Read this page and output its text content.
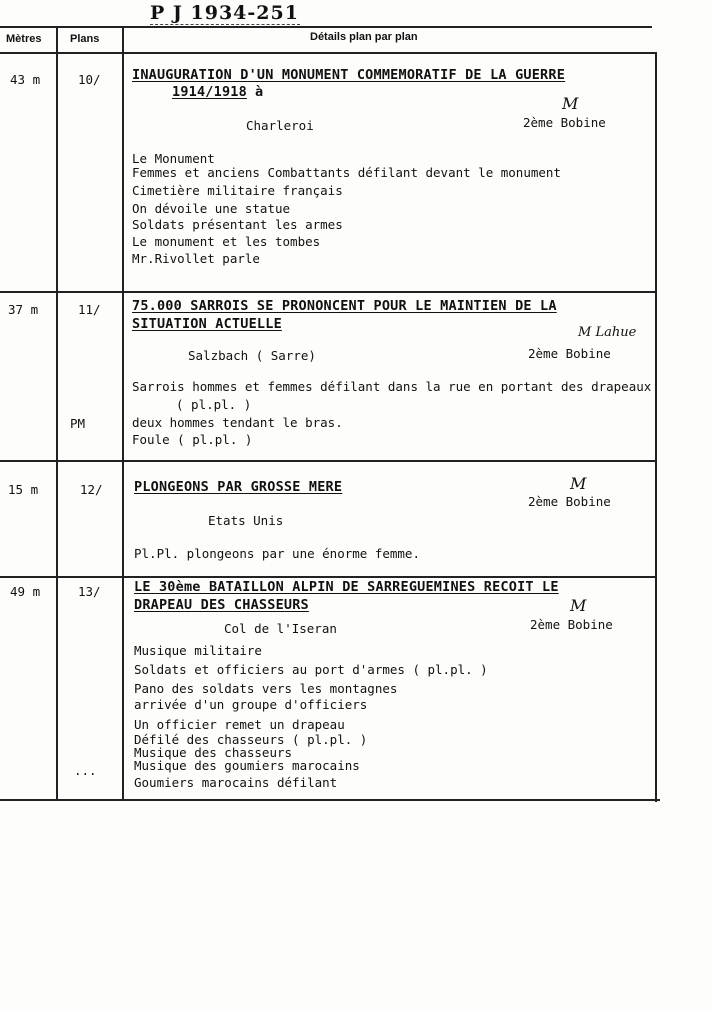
P J 1934-251
Mètres	Plans	Détails plan par plan
43 m	10/ INAUGURATION D'UN MONUMENT COMMEMORATIF DE LA GUERRE
1914/1918 à
Charleroi	2ème Bobine
M
Le Monument
Femmes et anciens Combattants défilant devant le monument
Cimetière militaire français
On dévoile une statue
Soldats présentant les armes
Le monument et les tombes
Mr.Rivollet parle
37 m	11/
PM
75.000 SARROIS SE PRONONCENT POUR LE MAINTIEN DE LA
SITUATION ACTUELLE
Salzbach ( Sarre)	2ème Bobine
M Lahue
Sarrois hommes et femmes défilant dans la rue en portant des drapeaux
( pl.pl. )
deux hommes tendant le bras.
Foule ( pl.pl. )
15 m	12/ PLONGEONS PAR GROSSE MERE
Etats Unis
2ème Bobine
M
Pl.Pl. plongeons par une énorme femme.
49 m	13/
...
LE 30ème BATAILLON ALPIN DE SARREGUEMINES RECOIT LE
DRAPEAU DES CHASSEURS
Col de l'Iseran	2ème Bobine
M
Musique militaire
Soldats et officiers au port d'armes ( pl.pl. )
Pano des soldats vers les montagnes
arrivée d'un groupe d'officiers
Un officier remet un drapeau
Défilé des chasseurs ( pl.pl. )
Musique des chasseurs
Musique des goumiers marocains
Goumiers marocains défilant
